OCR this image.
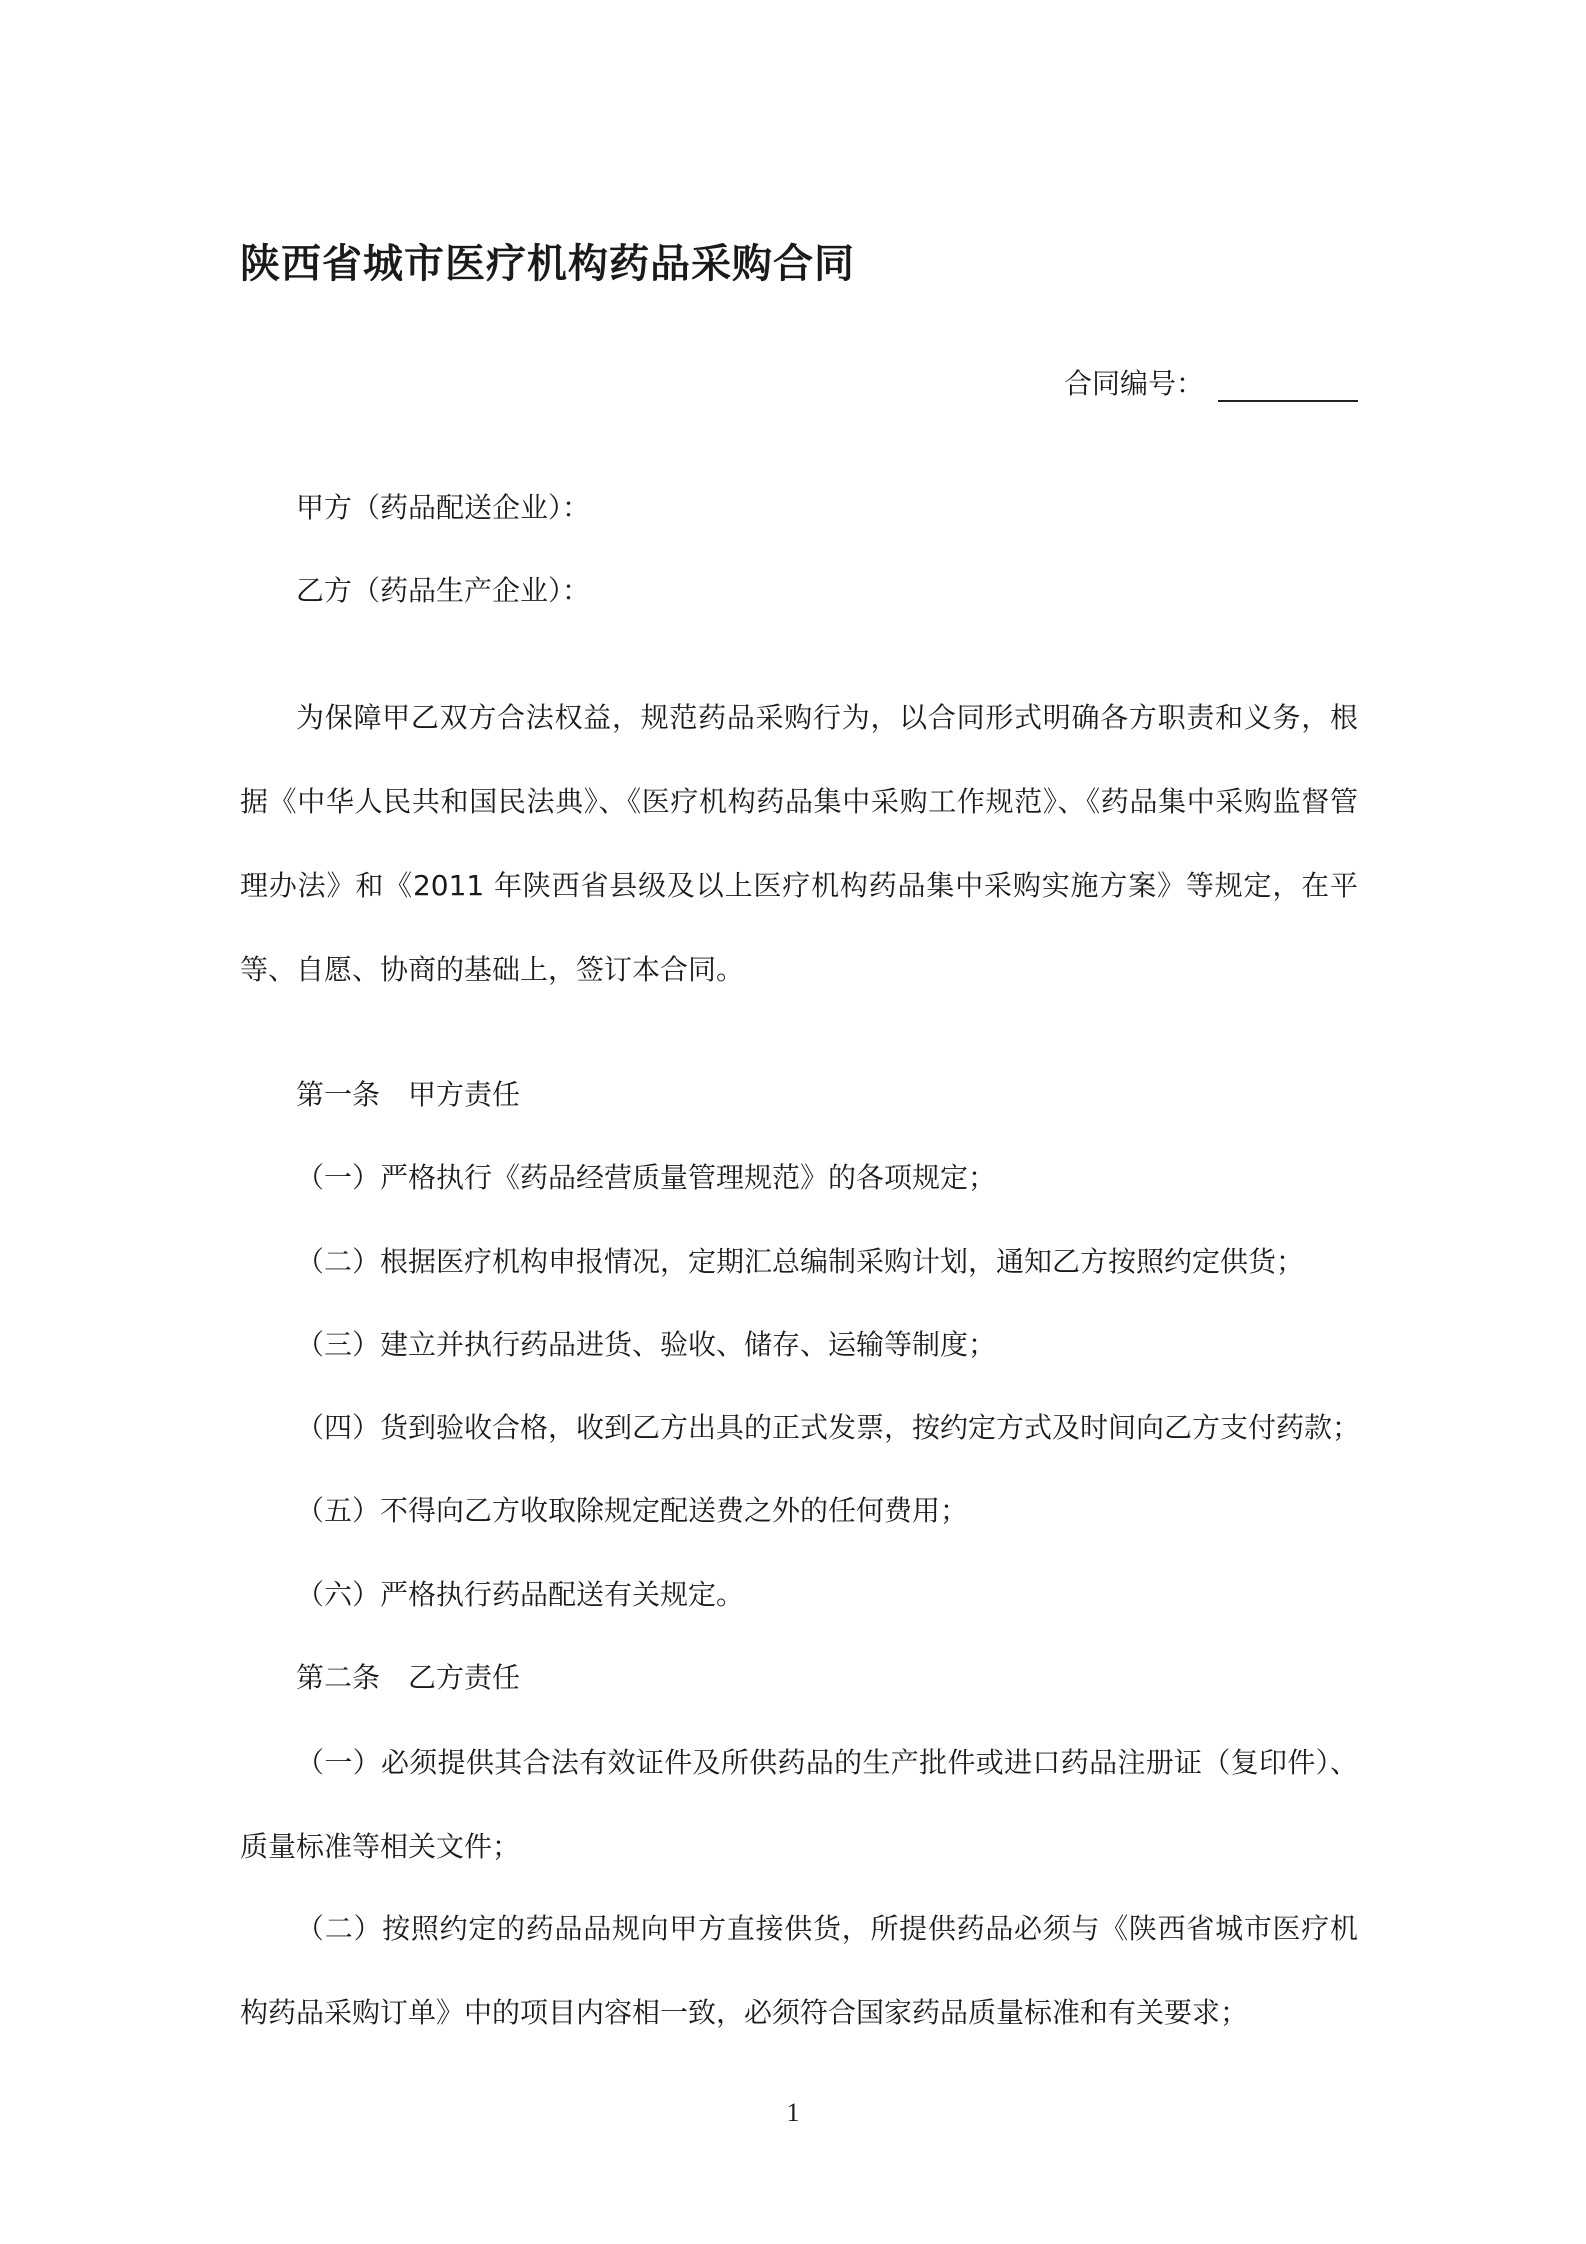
陕西省城市医疗机构药品采购合同
合同编号：
甲方（药品配送企业）：
乙方（药品生产企业）：
为保障甲乙双方合法权益，规范药品采购行为，以合同形式明确各方职责和义务，根据《中华人民共和国民法典》、《医疗机构药品集中采购工作规范》、《药品集中采购监督管理办法》和《2011 年陕西省县级及以上医疗机构药品集中采购实施方案》等规定，在平等、自愿、协商的基础上，签订本合同。
第一条　甲方责任
（一）严格执行《药品经营质量管理规范》的各项规定；
（二）根据医疗机构申报情况，定期汇总编制采购计划，通知乙方按照约定供货；
（三）建立并执行药品进货、验收、储存、运输等制度；
（四）货到验收合格，收到乙方出具的正式发票，按约定方式及时间向乙方支付药款；
（五）不得向乙方收取除规定配送费之外的任何费用；
（六）严格执行药品配送有关规定。
第二条　乙方责任
（一）必须提供其合法有效证件及所供药品的生产批件或进口药品注册证（复印件）、质量标准等相关文件；
（二）按照约定的药品品规向甲方直接供货，所提供药品必须与《陕西省城市医疗机构药品采购订单》中的项目内容相一致，必须符合国家药品质量标准和有关要求；
1
